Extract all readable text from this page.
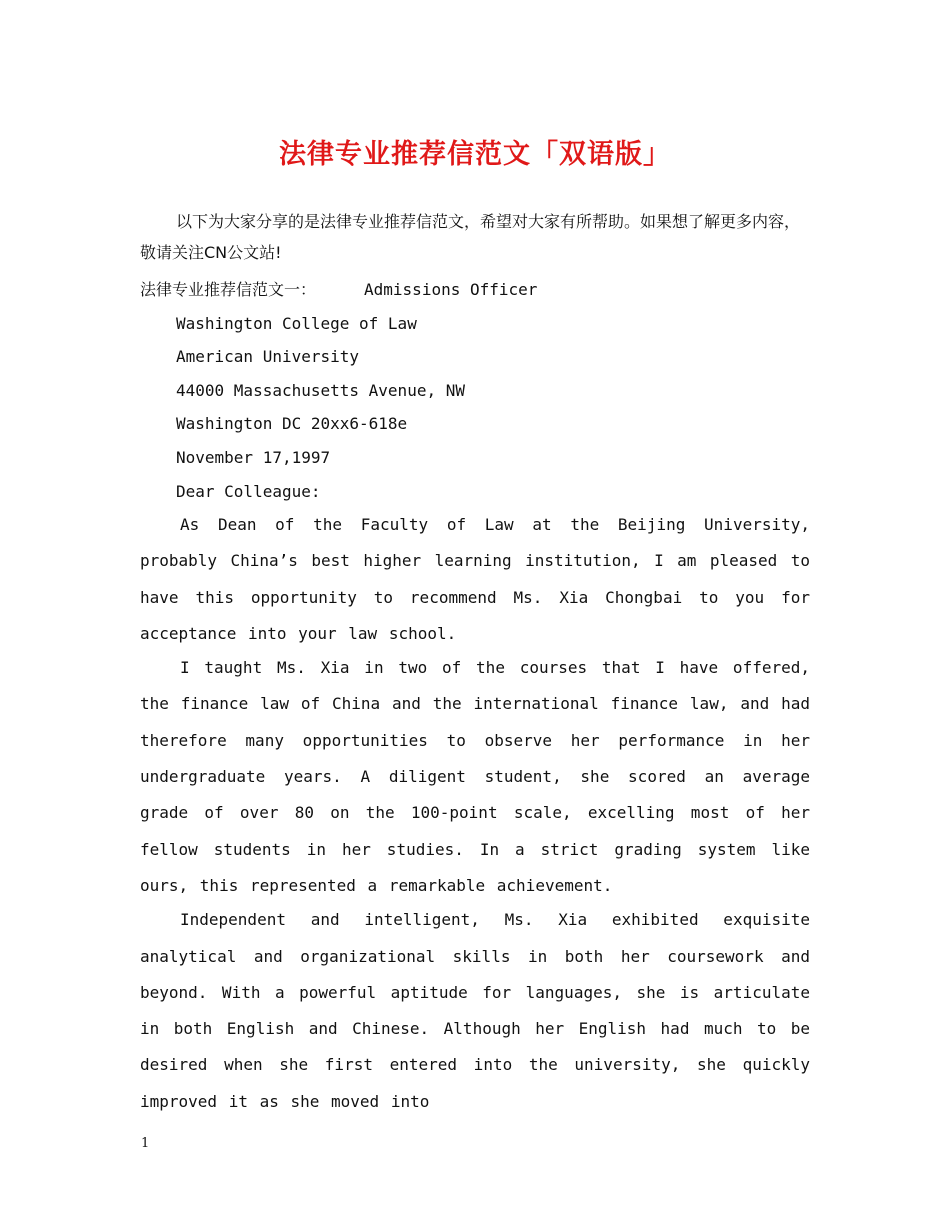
法律专业推荐信范文「双语版」

以下为大家分享的是法律专业推荐信范文，希望对大家有所帮助。如果想了解更多内容，敬请关注CN公文站!

法律专业推荐信范文一：	Admissions Officer
Washington College of Law
American University
44000 Massachusetts Avenue, NW
Washington DC 20xx6-618e
November 17,1997
Dear Colleague:

As Dean of the Faculty of Law at the Beijing University, probably China’s best higher learning institution, I am pleased to have this opportunity to recommend Ms. Xia Chongbai to you for acceptance into your law school.

I taught Ms. Xia in two of the courses that I have offered, the finance law of China and the international finance law, and had therefore many opportunities to observe her performance in her undergraduate years. A diligent student, she scored an average grade of over 80 on the 100-point scale, excelling most of her fellow students in her studies. In a strict grading system like ours, this represented a remarkable achievement.

Independent and intelligent, Ms. Xia exhibited exquisite analytical and organizational skills in both her coursework and beyond. With a powerful aptitude for languages, she is articulate in both English and Chinese. Although her English had much to be desired when she first entered into the university, she quickly improved it as she moved into

1
